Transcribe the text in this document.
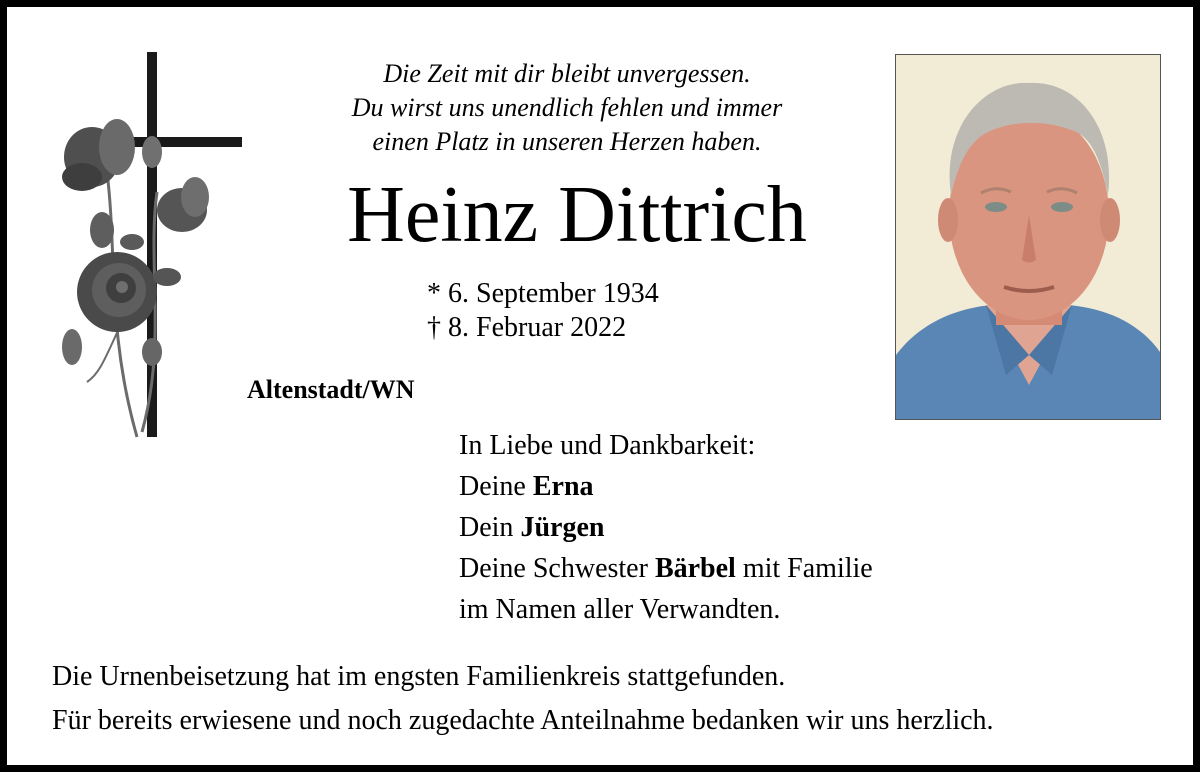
Die Zeit mit dir bleibt unvergessen.
Du wirst uns unendlich fehlen und immer
einen Platz in unseren Herzen haben.
Heinz Dittrich
* 6. September 1934
† 8. Februar 2022
Altenstadt/WN
In Liebe und Dankbarkeit:
Deine Erna
Dein Jürgen
Deine Schwester Bärbel mit Familie
im Namen aller Verwandten.
Die Urnenbeisetzung hat im engsten Familienkreis stattgefunden.
Für bereits erwiesene und noch zugedachte Anteilnahme bedanken wir uns herzlich.
